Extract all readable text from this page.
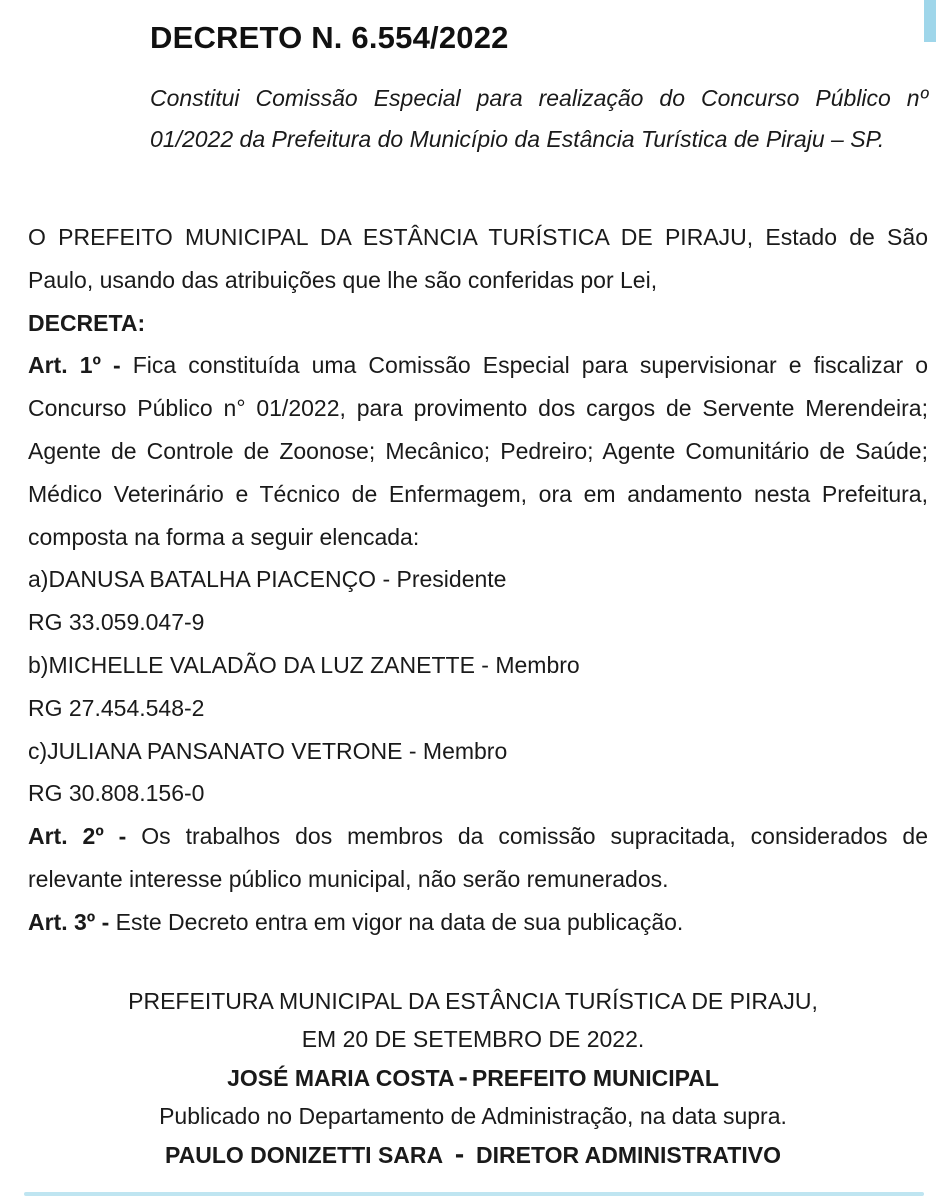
DECRETO N. 6.554/2022

Constitui Comissão Especial para realização do Concurso Público nº 01/2022 da Prefeitura do Município da Estância Turística de Piraju – SP.

O PREFEITO MUNICIPAL DA ESTÂNCIA TURÍSTICA DE PIRAJU, Estado de São Paulo, usando das atribuições que lhe são conferidas por Lei,

DECRETA:

Art. 1º - Fica constituída uma Comissão Especial para supervisionar e fiscalizar o Concurso Público n° 01/2022, para provimento dos cargos de Servente Merendeira; Agente de Controle de Zoonose; Mecânico; Pedreiro; Agente Comunitário de Saúde; Médico Veterinário e Técnico de Enfermagem, ora em andamento nesta Prefeitura, composta na forma a seguir elencada:

a)DANUSA BATALHA PIACENÇO - Presidente

RG 33.059.047-9

b)MICHELLE VALADÃO DA LUZ ZANETTE - Membro

RG 27.454.548-2

c)JULIANA PANSANATO VETRONE - Membro

RG 30.808.156-0

Art. 2º - Os trabalhos dos membros da comissão supracitada, considerados de relevante interesse público municipal, não serão remunerados.

Art. 3º - Este Decreto entra em vigor na data de sua publicação.

PREFEITURA MUNICIPAL DA ESTÂNCIA TURÍSTICA DE PIRAJU,

EM 20 DE SETEMBRO DE 2022.

JOSÉ MARIA COSTA - PREFEITO MUNICIPAL

Publicado no Departamento de Administração, na data supra.

PAULO DONIZETTI SARA - DIRETOR ADMINISTRATIVO
